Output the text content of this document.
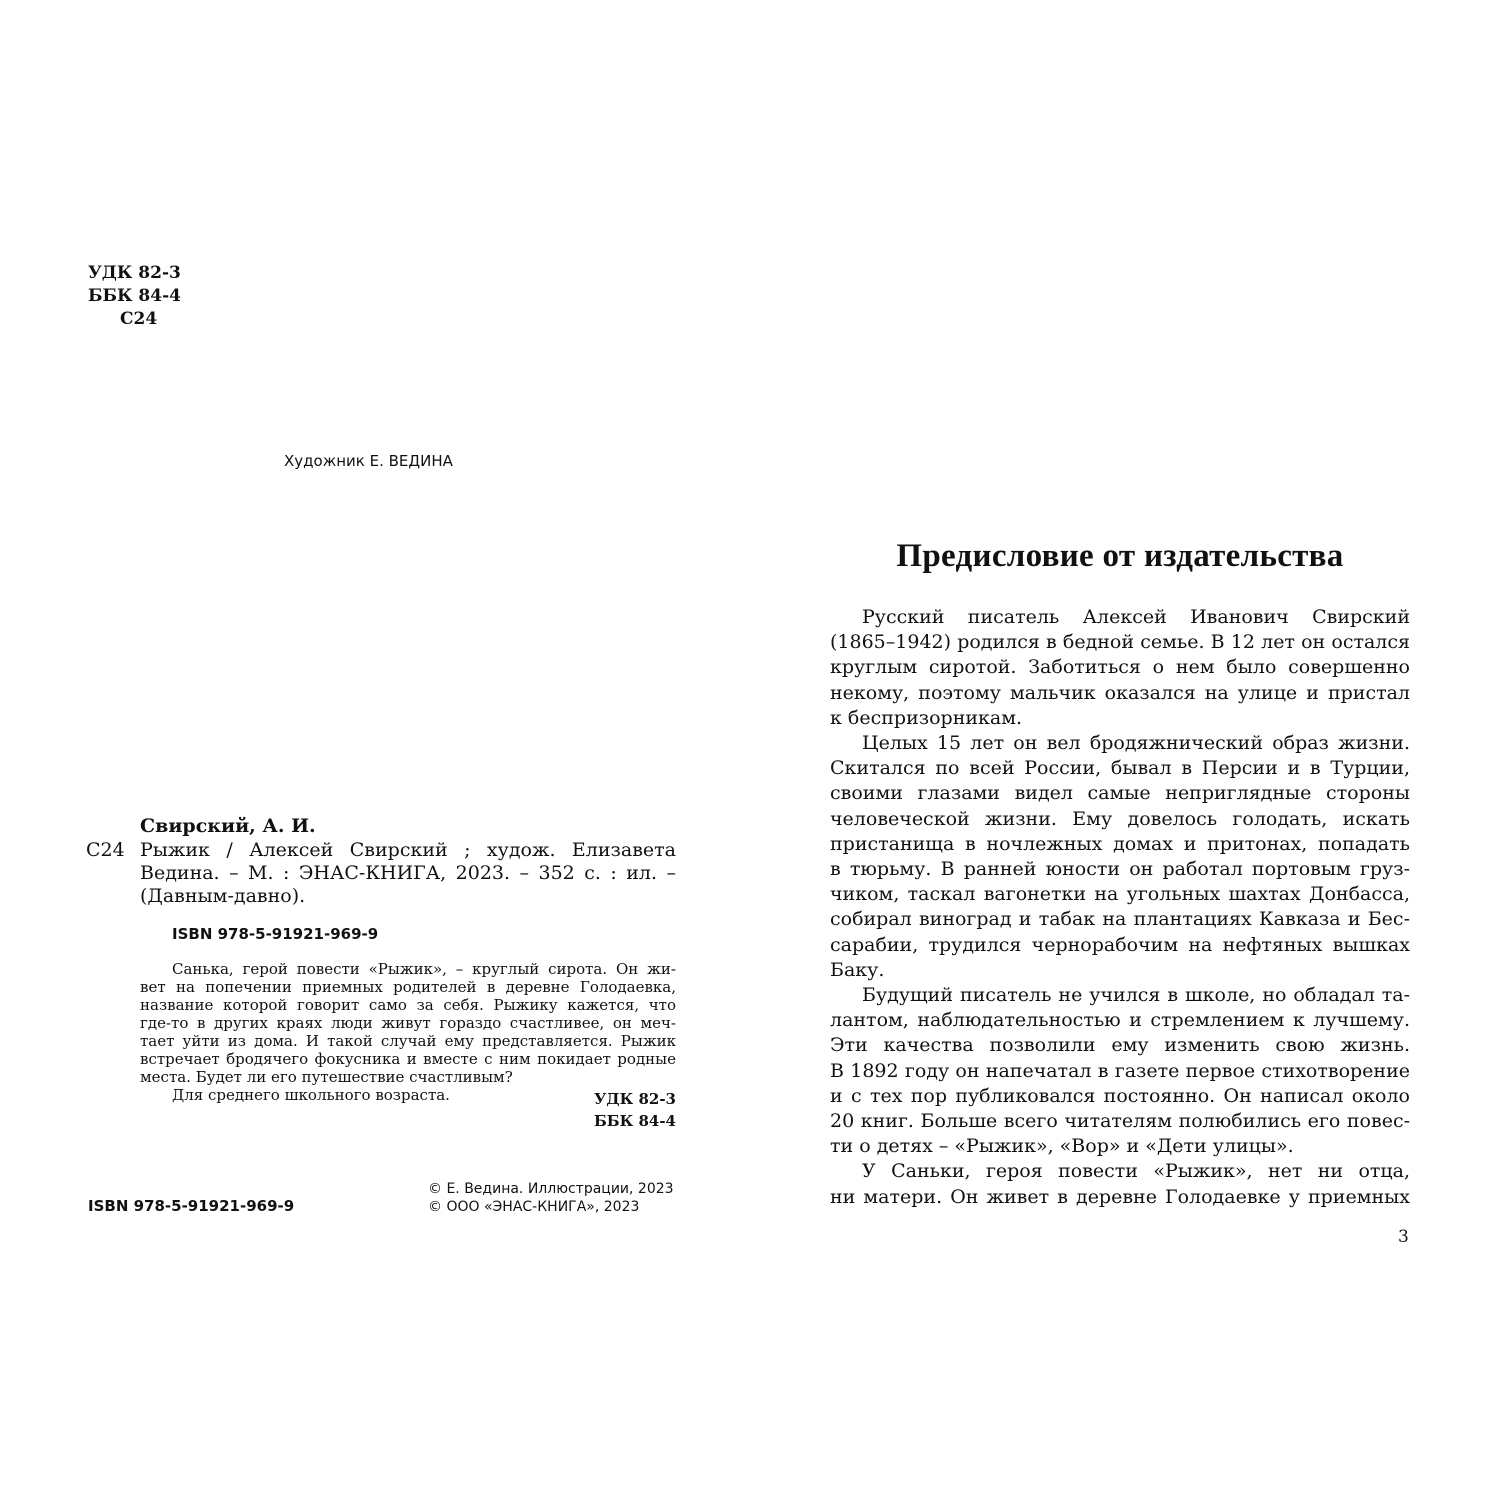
УДК 82-3
ББК 84-4
С24
Художник Е. ВЕДИНА
Свирский, А. И.
С24 Рыжик / Алексей Свирский ; худож. Елизавета
Ведина. – М. : ЭНАС-КНИГА, 2023. – 352 с. : ил. –
(Давным-давно).
ISBN 978-5-91921-969-9
Санька, герой повести «Рыжик», – круглый сирота. Он жи-
вет на попечении приемных родителей в деревне Голодаевка,
название которой говорит само за себя. Рыжику кажется, что
где-то в других краях люди живут гораздо счастливее, он меч-
тает уйти из дома. И такой случай ему представляется. Рыжик
встречает бродячего фокусника и вместе с ним покидает родные
места. Будет ли его путешествие счастливым?
Для среднего школьного возраста.	УДК 82-3
ББК 84-4
© Е. Ведина. Иллюстрации, 2023
© ООО «ЭНАС-КНИГА», 2023
ISBN 978-5-91921-969-9
Предисловие от издательства
Русский писатель Алексей Иванович Свирский
(1865–1942) родился в бедной семье. В 12 лет он остался
круглым сиротой. Заботиться о нем было совершенно
некому, поэтому мальчик оказался на улице и пристал
к беспризорникам.
Целых 15 лет он вел бродяжнический образ жизни.
Скитался по всей России, бывал в Персии и в Турции,
своими глазами видел самые неприглядные стороны
человеческой жизни. Ему довелось голодать, искать
пристанища в ночлежных домах и притонах, попадать
в тюрьму. В ранней юности он работал портовым груз-
чиком, таскал вагонетки на угольных шахтах Донбасса,
собирал виноград и табак на плантациях Кавказа и Бес-
сарабии, трудился чернорабочим на нефтяных вышках
Баку.
Будущий писатель не учился в школе, но обладал та-
лантом, наблюдательностью и стремлением к лучшему.
Эти качества позволили ему изменить свою жизнь.
В 1892 году он напечатал в газете первое стихотворение
и с тех пор публиковался постоянно. Он написал около
20 книг. Больше всего читателям полюбились его повес-
ти о детях – «Рыжик», «Вор» и «Дети улицы».
У Саньки, героя повести «Рыжик», нет ни отца,
ни матери. Он живет в деревне Голодаевке у приемных
3
